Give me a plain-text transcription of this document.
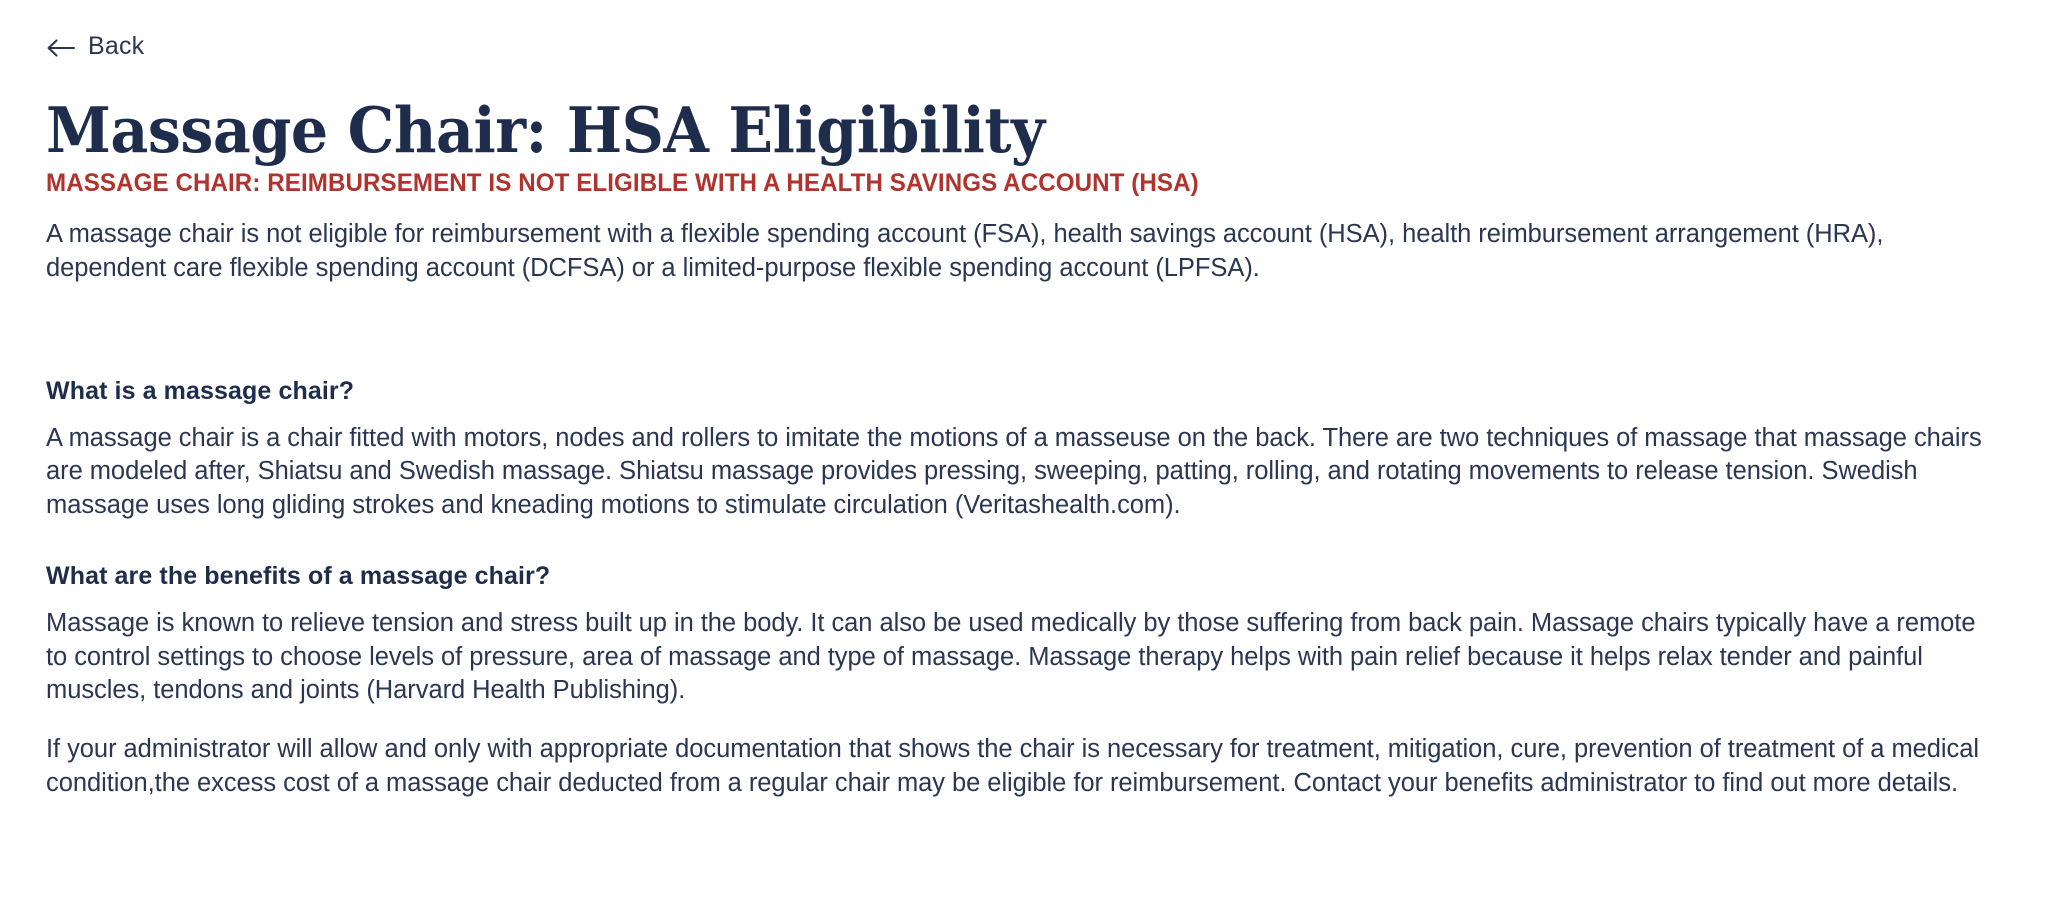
Back
Massage Chair: HSA Eligibility
MASSAGE CHAIR: REIMBURSEMENT IS NOT ELIGIBLE WITH A HEALTH SAVINGS ACCOUNT (HSA)

A massage chair is not eligible for reimbursement with a flexible spending account (FSA), health savings account (HSA), health reimbursement arrangement (HRA), dependent care flexible spending account (DCFSA) or a limited-purpose flexible spending account (LPFSA).

What is a massage chair?

A massage chair is a chair fitted with motors, nodes and rollers to imitate the motions of a masseuse on the back. There are two techniques of massage that massage chairs are modeled after, Shiatsu and Swedish massage. Shiatsu massage provides pressing, sweeping, patting, rolling, and rotating movements to release tension. Swedish massage uses long gliding strokes and kneading motions to stimulate circulation (Veritashealth.com).

What are the benefits of a massage chair?

Massage is known to relieve tension and stress built up in the body. It can also be used medically by those suffering from back pain. Massage chairs typically have a remote to control settings to choose levels of pressure, area of massage and type of massage. Massage therapy helps with pain relief because it helps relax tender and painful muscles, tendons and joints (Harvard Health Publishing).

If your administrator will allow and only with appropriate documentation that shows the chair is necessary for treatment, mitigation, cure, prevention of treatment of a medical condition,the excess cost of a massage chair deducted from a regular chair may be eligible for reimbursement. Contact your benefits administrator to find out more details.
